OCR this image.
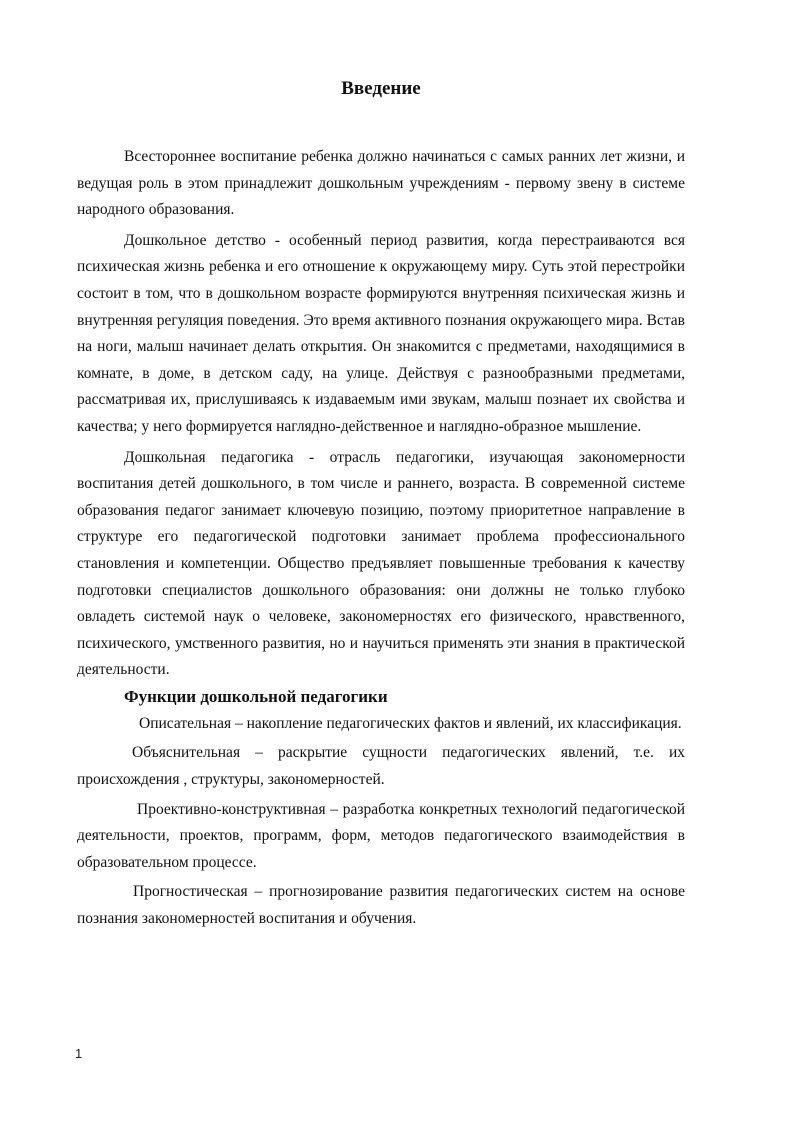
Введение

Всестороннее воспитание ребенка должно начинаться с самых ранних лет жизни, и ведущая роль в этом принадлежит дошкольным учреждениям - первому звену в системе народного образования.

Дошкольное детство - особенный период развития, когда перестраиваются вся психическая жизнь ребенка и его отношение к окружающему миру. Суть этой перестройки состоит в том, что в дошкольном возрасте формируются внутренняя психическая жизнь и внутренняя регуляция поведения. Это время активного познания окружающего мира. Встав на ноги, малыш начинает делать открытия. Он знакомится с предметами, находящимися в комнате, в доме, в детском саду, на улице. Действуя с разнообразными предметами, рассматривая их, прислушиваясь к издаваемым ими звукам, малыш познает их свойства и качества; у него формируется наглядно-действенное и наглядно-образное мышление.

Дошкольная педагогика - отрасль педагогики, изучающая закономерности воспитания детей дошкольного, в том числе и раннего, возраста. В современной системе образования педагог занимает ключевую позицию, поэтому приоритетное направление в структуре его педагогической подготовки занимает проблема профессионального становления и компетенции. Общество предъявляет повышенные требования к качеству подготовки специалистов дошкольного образования: они должны не только глубоко овладеть системой наук о человеке, закономерностях его физического, нравственного, психического, умственного развития, но и научиться применять эти знания в практической деятельности.

Функции дошкольной педагогики

Описательная – накопление педагогических фактов и явлений, их классификация.

Объяснительная – раскрытие сущности педагогических явлений, т.е. их происхождения , структуры, закономерностей.

Проективно-конструктивная – разработка конкретных технологий педагогической деятельности, проектов, программ, форм, методов педагогического взаимодействия в образовательном процессе.

Прогностическая – прогнозирование развития педагогических систем на основе познания закономерностей воспитания и обучения.

1
